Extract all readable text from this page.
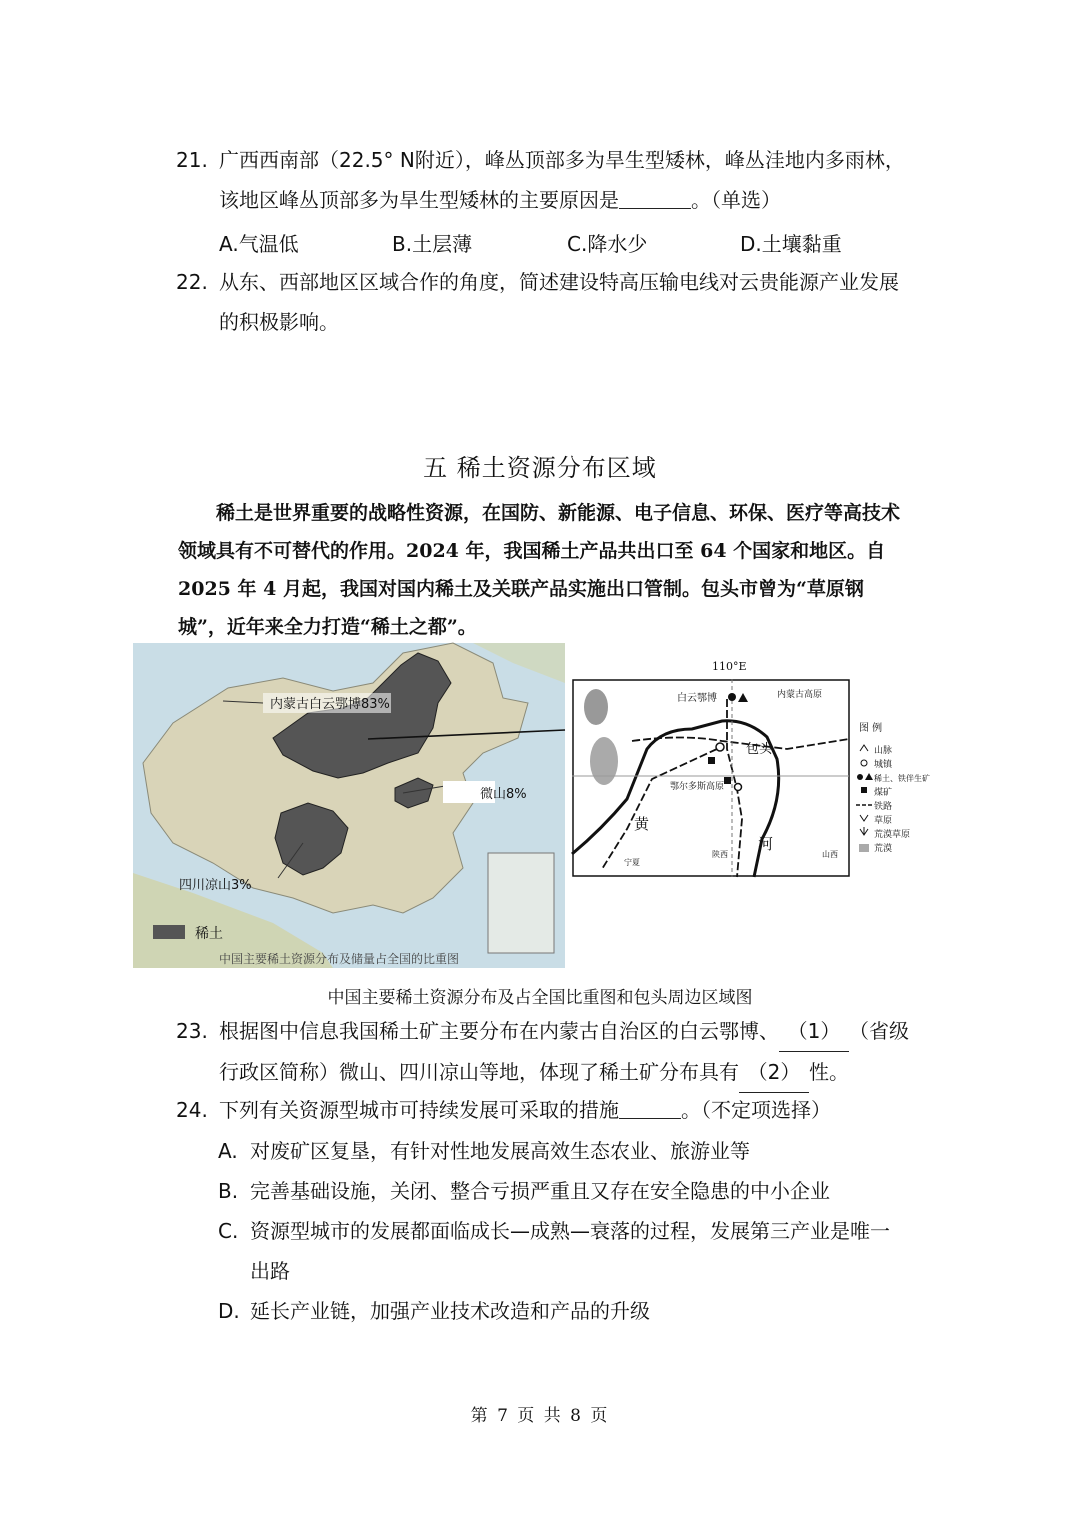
21. 广西西南部（22.5° N附近），峰丛顶部多为旱生型矮林，峰丛洼地内多雨林，该地区峰丛顶部多为旱生型矮林的主要原因是	。（单选）
A.气温低	B.土层薄	C.降水少	D.土壤黏重
22. 从东、西部地区区域合作的角度，简述建设特高压输电线对云贵能源产业发展的积极影响。
五 稀土资源分布区域

稀土是世界重要的战略性资源，在国防、新能源、电子信息、环保、医疗等高技术领域具有不可替代的作用。2024 年，我国稀土产品共出口至 64 个国家和地区。自 2025 年 4 月起，我国对国内稀土及关联产品实施出口管制。包头市曾为“草原钢城”，近年来全力打造“稀土之都”。

内蒙古白云鄂博83%
微山8%
四川凉山3%
稀土
中国主要稀土资源分布及储量占全国的比重图
白云鄂博	内蒙古高原
包头
鄂尔多斯高原
黄
河
宁夏
陕西	山西
图 例
山脉
城镇
稀土、铁伴生矿
煤矿
铁路
草原
荒漠草原
荒漠
110°E
中国主要稀土资源分布及占全国比重图和包头周边区域图
23. 根据图中信息我国稀土矿主要分布在内蒙古自治区的白云鄂博、 （1） （省级行政区简称）微山、四川凉山等地，体现了稀土矿分布具有 （2） 性。
24. 下列有关资源型城市可持续发展可采取的措施	。（不定项选择）
A. 对废矿区复垦，有针对性地发展高效生态农业、旅游业等
B. 完善基础设施，关闭、整合亏损严重且又存在安全隐患的中小企业
C. 资源型城市的发展都面临成长—成熟—衰落的过程，发展第三产业是唯一出路
D. 延长产业链，加强产业技术改造和产品的升级
第 7 页 共 8 页
